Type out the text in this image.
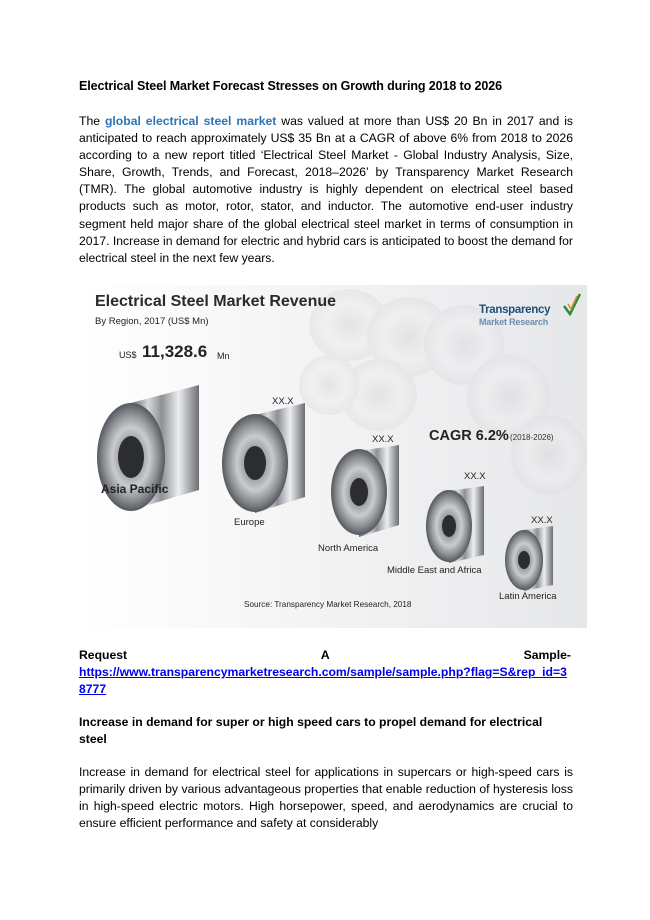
Electrical Steel Market Forecast Stresses on Growth during 2018 to 2026
The global electrical steel market was valued at more than US$ 20 Bn in 2017 and is anticipated to reach approximately US$ 35 Bn at a CAGR of above 6% from 2018 to 2026 according to a new report titled ‘Electrical Steel Market - Global Industry Analysis, Size, Share, Growth, Trends, and Forecast, 2018–2026’ by Transparency Market Research (TMR). The global automotive industry is highly dependent on electrical steel based products such as motor, rotor, stator, and inductor. The automotive end-user industry segment held major share of the global electrical steel market in terms of consumption in 2017. Increase in demand for electric and hybrid cars is anticipated to boost the demand for electrical steel in the next few years.
Electrical Steel Market Revenue
By Region, 2017 (US$ Mn)
US$ 11,328.6 Mn
Transparency
Market Research
CAGR 6.2% (2018-2026)
Asia Pacific
XX.X
Europe
XX.X
North America
XX.X
Middle East and Africa
XX.X
Latin America
Source: Transparency Market Research, 2018
Request	A	Sample-
https://www.transparencymarketresearch.com/sample/sample.php?flag=S&rep_id=38777
Increase in demand for super or high speed cars to propel demand for electrical steel
Increase in demand for electrical steel for applications in supercars or high-speed cars is primarily driven by various advantageous properties that enable reduction of hysteresis loss in high-speed electric motors. High horsepower, speed, and aerodynamics are crucial to ensure efficient performance and safety at considerably
